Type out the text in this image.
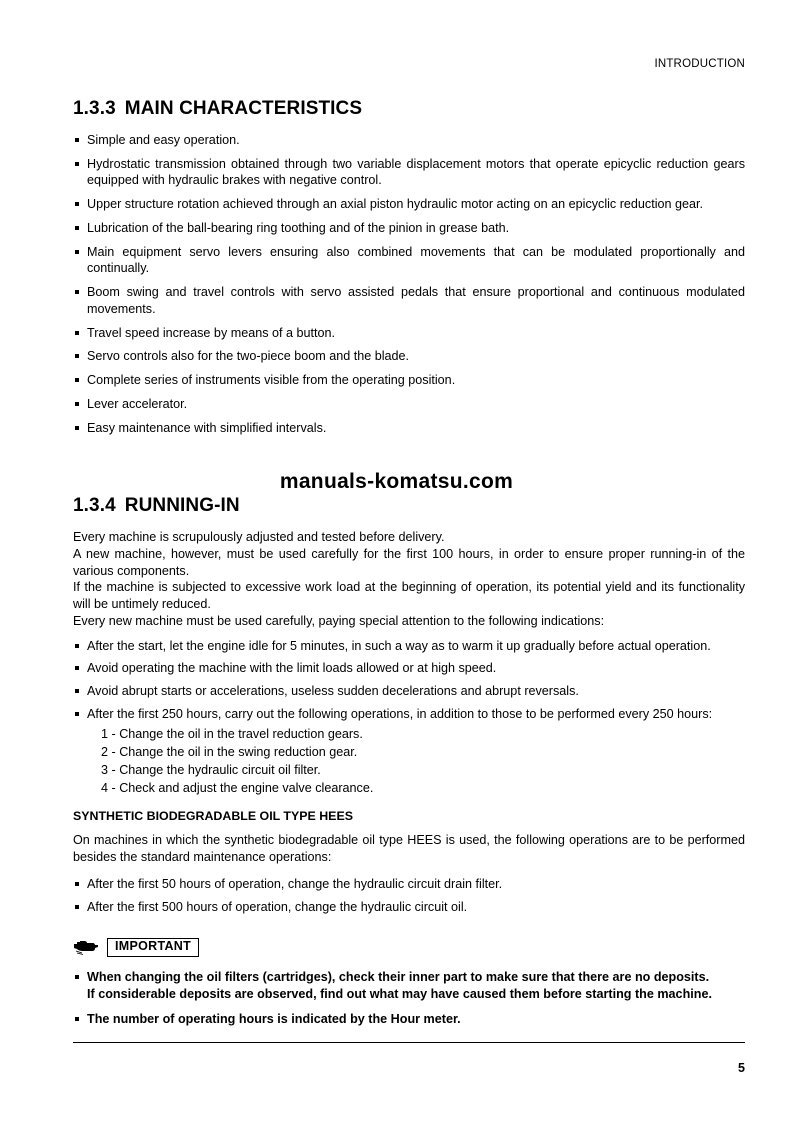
INTRODUCTION
1.3.3 MAIN CHARACTERISTICS
Simple and easy operation.
Hydrostatic transmission obtained through two variable displacement motors that operate epicyclic reduction gears equipped with hydraulic brakes with negative control.
Upper structure rotation achieved through an axial piston hydraulic motor acting on an epicyclic reduction gear.
Lubrication of the ball-bearing ring toothing and of the pinion in grease bath.
Main equipment servo levers ensuring also combined movements that can be modulated proportionally and continually.
Boom swing and travel controls with servo assisted pedals that ensure proportional and continuous modulated movements.
Travel speed increase by means of a button.
Servo controls also for the two-piece boom and the blade.
Complete series of instruments visible from the operating position.
Lever accelerator.
Easy maintenance with simplified intervals.
1.3.4 RUNNING-IN

Every machine is scrupulously adjusted and tested before delivery.

A new machine, however, must be used carefully for the first 100 hours, in order to ensure proper running-in of the various components.

If the machine is subjected to excessive work load at the beginning of operation, its potential yield and its functionality will be untimely reduced.

Every new machine must be used carefully, paying special attention to the following indications:

After the start, let the engine idle for 5 minutes, in such a way as to warm it up gradually before actual operation.
Avoid operating the machine with the limit loads allowed or at high speed.
Avoid abrupt starts or accelerations, useless sudden decelerations and abrupt reversals.
After the first 250 hours, carry out the following operations, in addition to those to be performed every 250 hours:
1 - Change the oil in the travel reduction gears.
2 - Change the oil in the swing reduction gear.
3 - Change the hydraulic circuit oil filter.
4 - Check and adjust the engine valve clearance.
SYNTHETIC BIODEGRADABLE OIL TYPE HEES

On machines in which the synthetic biodegradable oil type HEES is used, the following operations are to be performed besides the standard maintenance operations:

After the first 50 hours of operation, change the hydraulic circuit drain filter.
After the first 500 hours of operation, change the hydraulic circuit oil.
IMPORTANT
When changing the oil filters (cartridges), check their inner part to make sure that there are no deposits.
If considerable deposits are observed, find out what may have caused them before starting the machine.
The number of operating hours is indicated by the Hour meter.
manuals-komatsu.com
5
